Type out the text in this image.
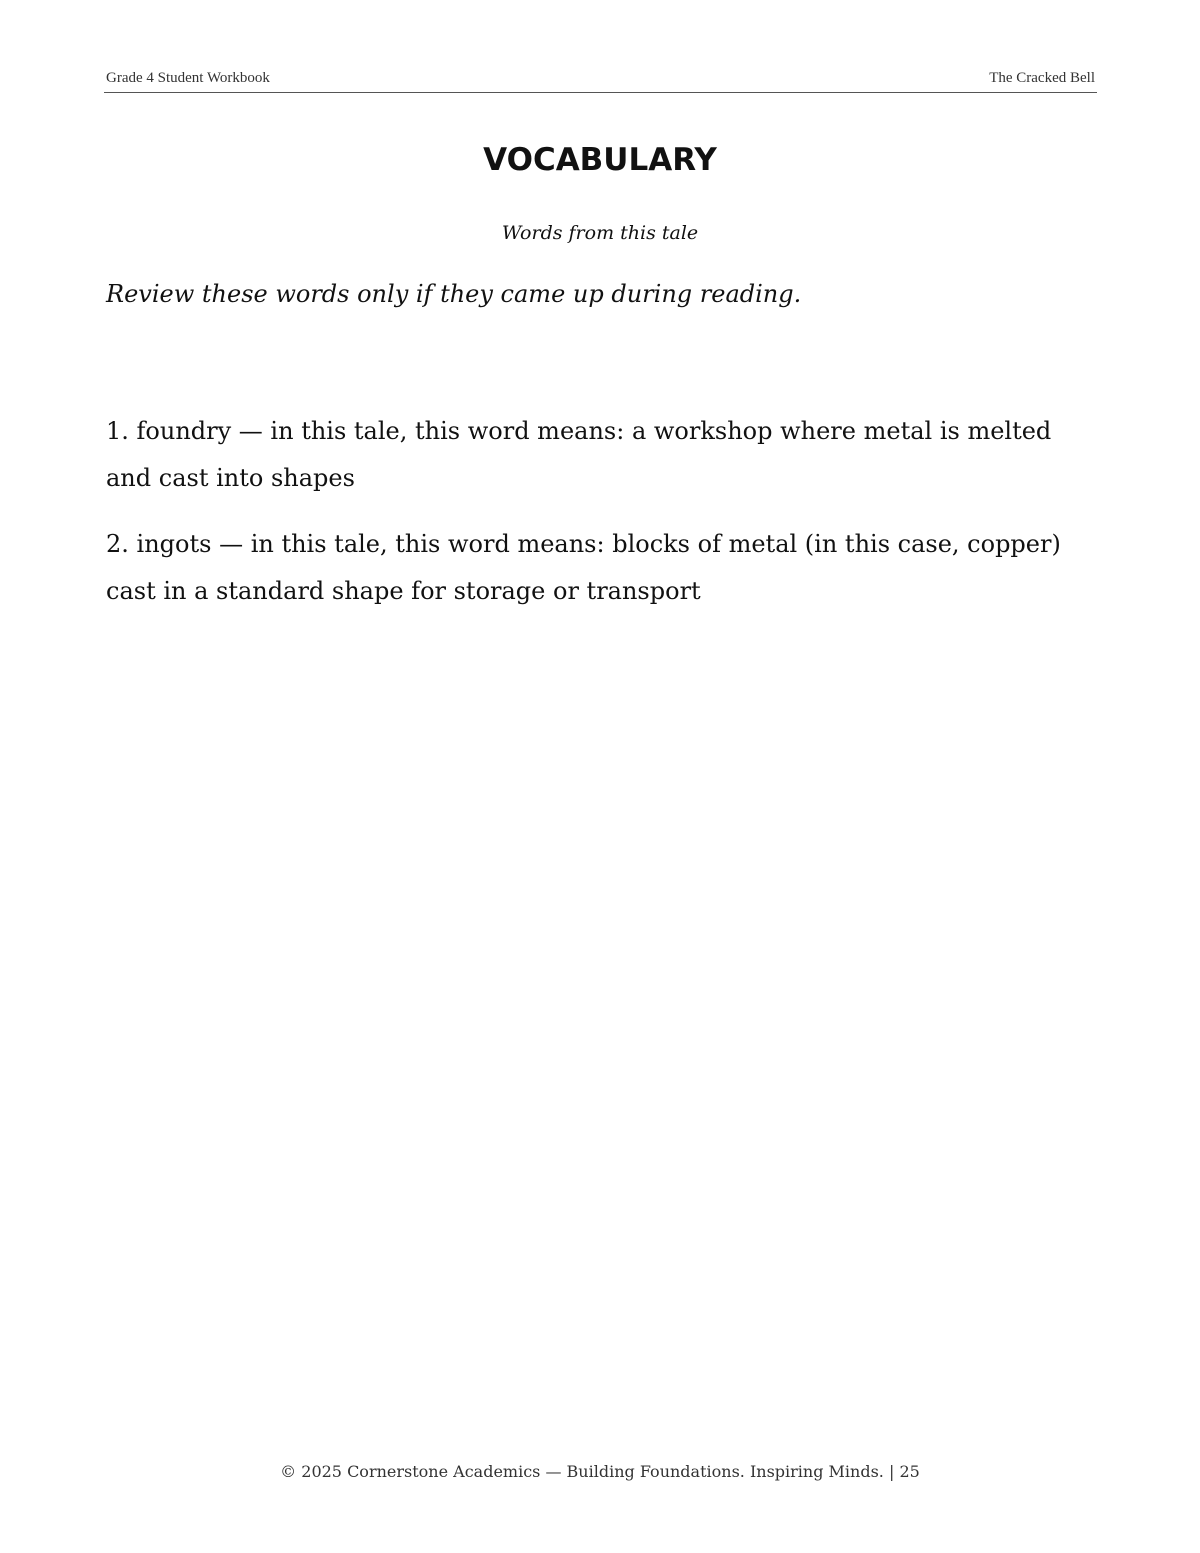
Grade 4 Student Workbook	The Cracked Bell
VOCABULARY
Words from this tale
Review these words only if they came up during reading.
1. foundry — in this tale, this word means: a workshop where metal is melted and cast into shapes
2. ingots — in this tale, this word means: blocks of metal (in this case, copper) cast in a standard shape for storage or transport
© 2025 Cornerstone Academics — Building Foundations. Inspiring Minds. | 25
